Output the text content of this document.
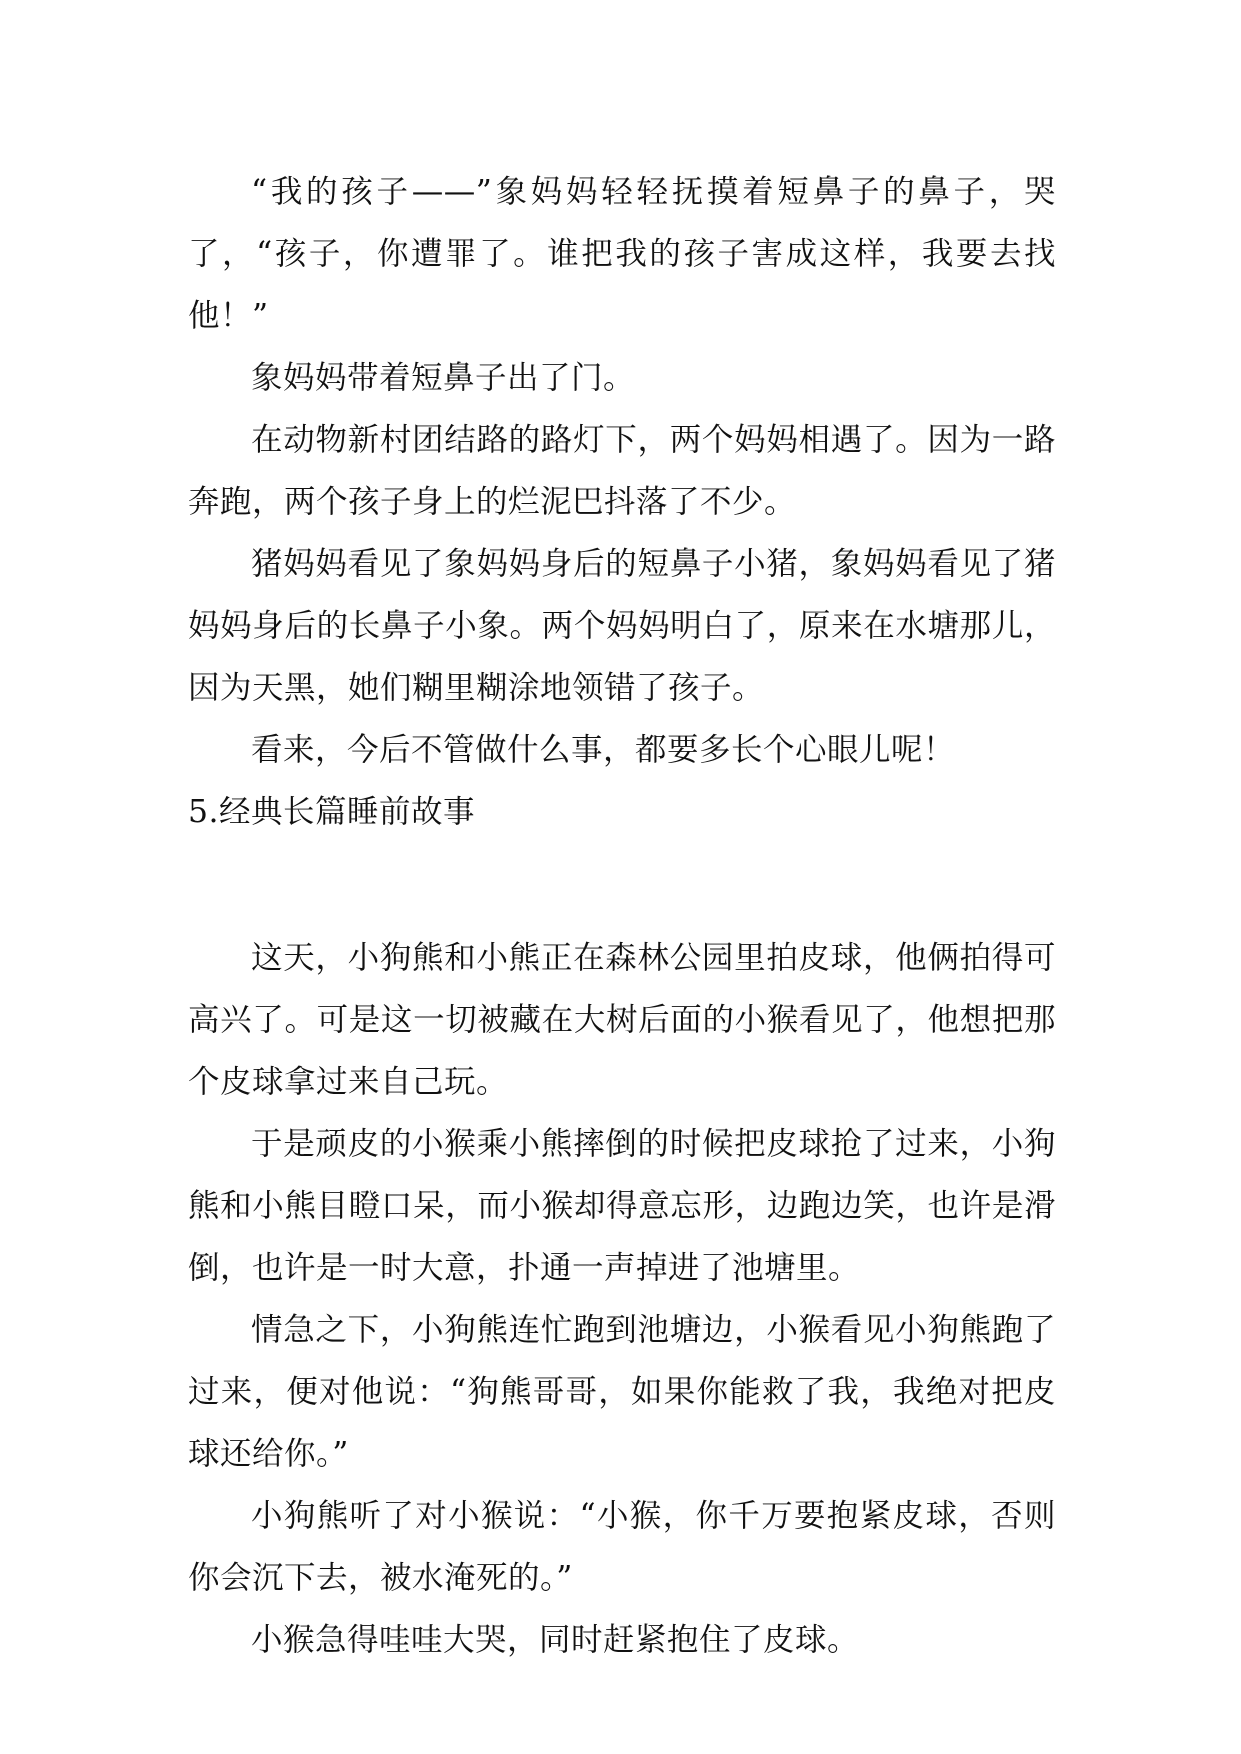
“我的孩子——”象妈妈轻轻抚摸着短鼻子的鼻子，哭了，“孩子，你遭罪了。谁把我的孩子害成这样，我要去找他！”

象妈妈带着短鼻子出了门。

在动物新村团结路的路灯下，两个妈妈相遇了。因为一路奔跑，两个孩子身上的烂泥巴抖落了不少。

猪妈妈看见了象妈妈身后的短鼻子小猪，象妈妈看见了猪妈妈身后的长鼻子小象。两个妈妈明白了，原来在水塘那儿，因为天黑，她们糊里糊涂地领错了孩子。

看来，今后不管做什么事，都要多长个心眼儿呢！

5.经典长篇睡前故事

这天，小狗熊和小熊正在森林公园里拍皮球，他俩拍得可高兴了。可是这一切被藏在大树后面的小猴看见了，他想把那个皮球拿过来自己玩。

于是顽皮的小猴乘小熊摔倒的时候把皮球抢了过来，小狗熊和小熊目瞪口呆，而小猴却得意忘形，边跑边笑，也许是滑倒，也许是一时大意，扑通一声掉进了池塘里。

情急之下，小狗熊连忙跑到池塘边，小猴看见小狗熊跑了过来，便对他说：“狗熊哥哥，如果你能救了我，我绝对把皮球还给你。”

小狗熊听了对小猴说：“小猴，你千万要抱紧皮球，否则你会沉下去，被水淹死的。”

小猴急得哇哇大哭，同时赶紧抱住了皮球。
